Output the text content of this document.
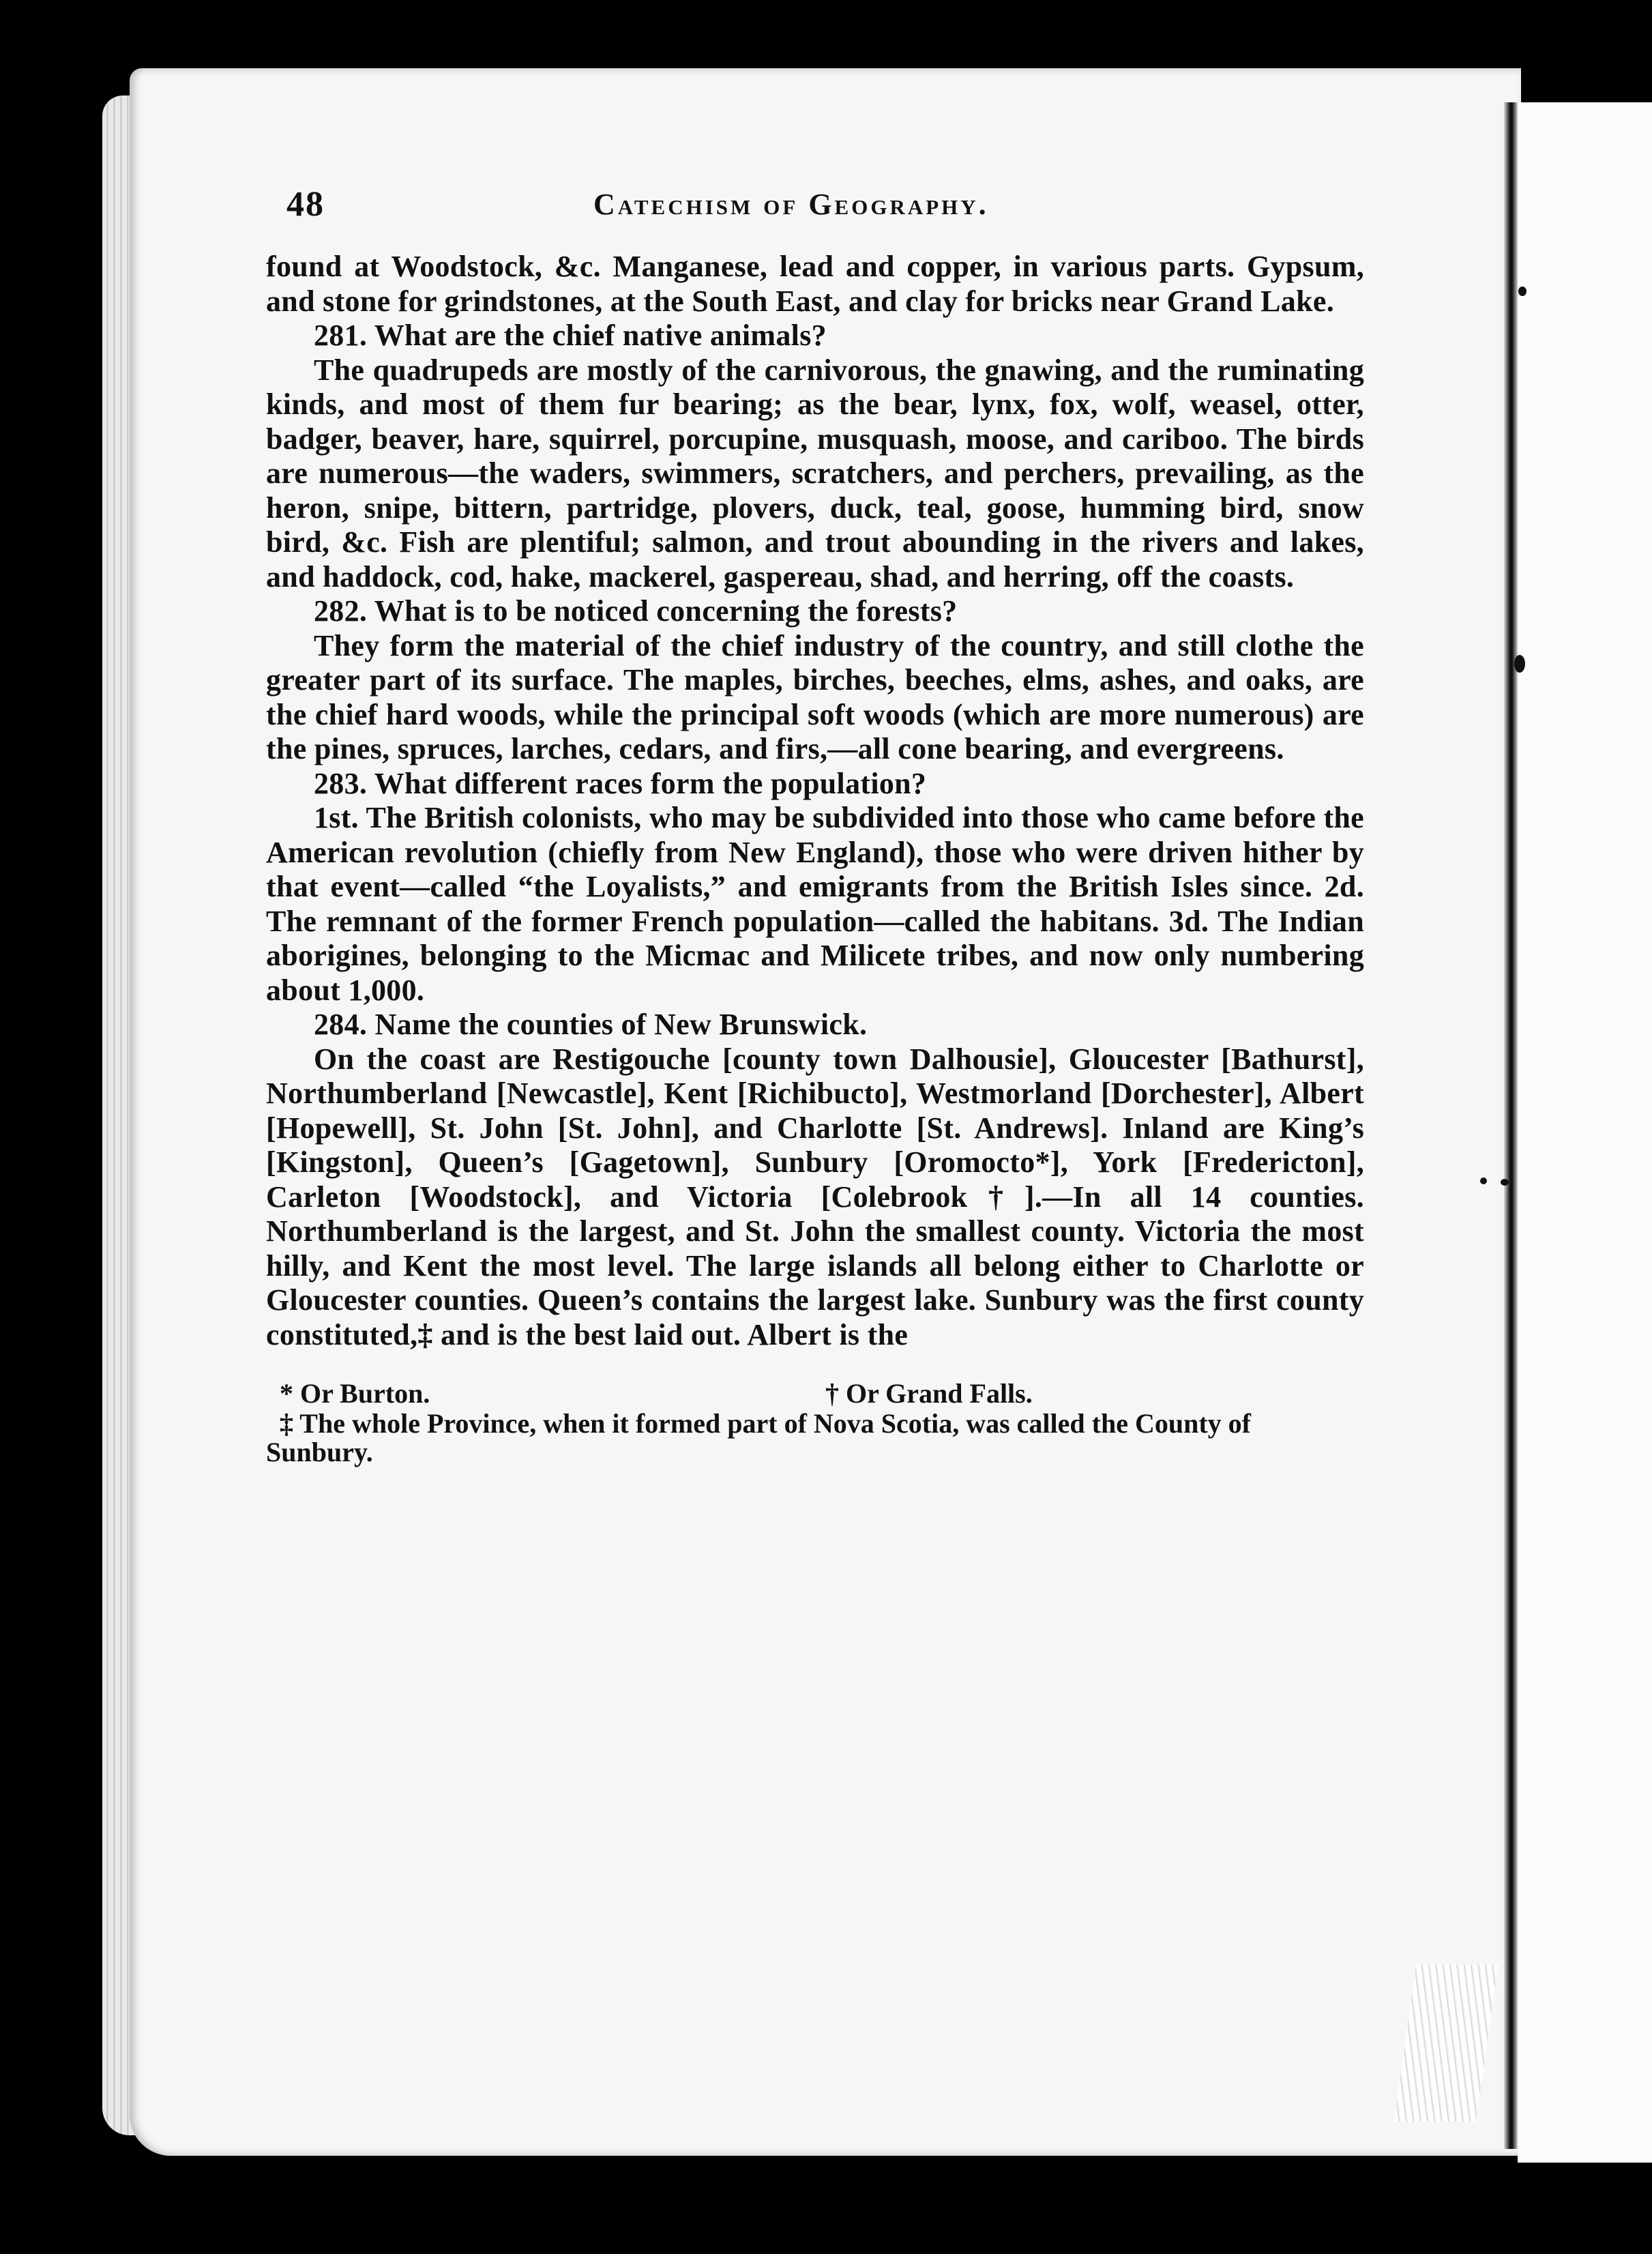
48	Catechism of Geography.

found at Woodstock, &c. Manganese, lead and copper, in various parts. Gypsum, and stone for grindstones, at the South East, and clay for bricks near Grand Lake.

281. What are the chief native animals?

The quadrupeds are mostly of the carnivorous, the gnawing, and the ruminating kinds, and most of them fur bearing; as the bear, lynx, fox, wolf, weasel, otter, badger, beaver, hare, squirrel, porcupine, musquash, moose, and cariboo. The birds are numerous—the waders, swimmers, scratchers, and perchers, prevailing, as the heron, snipe, bittern, partridge, plovers, duck, teal, goose, humming bird, snow bird, &c. Fish are plentiful; salmon, and trout abounding in the rivers and lakes, and haddock, cod, hake, mackerel, gaspereau, shad, and herring, off the coasts.

282. What is to be noticed concerning the forests?

They form the material of the chief industry of the country, and still clothe the greater part of its surface. The maples, birches, beeches, elms, ashes, and oaks, are the chief hard woods, while the principal soft woods (which are more numerous) are the pines, spruces, larches, cedars, and firs,—all cone bearing, and evergreens.

283. What different races form the population?

1st. The British colonists, who may be subdivided into those who came before the American revolution (chiefly from New England), those who were driven hither by that event—called “the Loyalists,” and emigrants from the British Isles since. 2d. The remnant of the former French population—called the habitans. 3d. The Indian aborigines, belonging to the Micmac and Milicete tribes, and now only numbering about 1,000.

284. Name the counties of New Brunswick.

On the coast are Restigouche [county town Dalhousie], Gloucester [Bathurst], Northumberland [Newcastle], Kent [Richibucto], Westmorland [Dorchester], Albert [Hopewell], St. John [St. John], and Charlotte [St. Andrews]. Inland are King’s [Kingston], Queen’s [Gagetown], Sunbury [Oromocto*], York [Fredericton], Carleton [Woodstock], and Victoria [Colebrook†].—In all 14 counties. Northumberland is the largest, and St. John the smallest county. Victoria the most hilly, and Kent the most level. The large islands all belong either to Charlotte or Gloucester counties. Queen’s contains the largest lake. Sunbury was the first county constituted,‡ and is the best laid out. Albert is the

* Or Burton.	† Or Grand Falls.

‡ The whole Province, when it formed part of Nova Scotia, was called the County of Sunbury.
